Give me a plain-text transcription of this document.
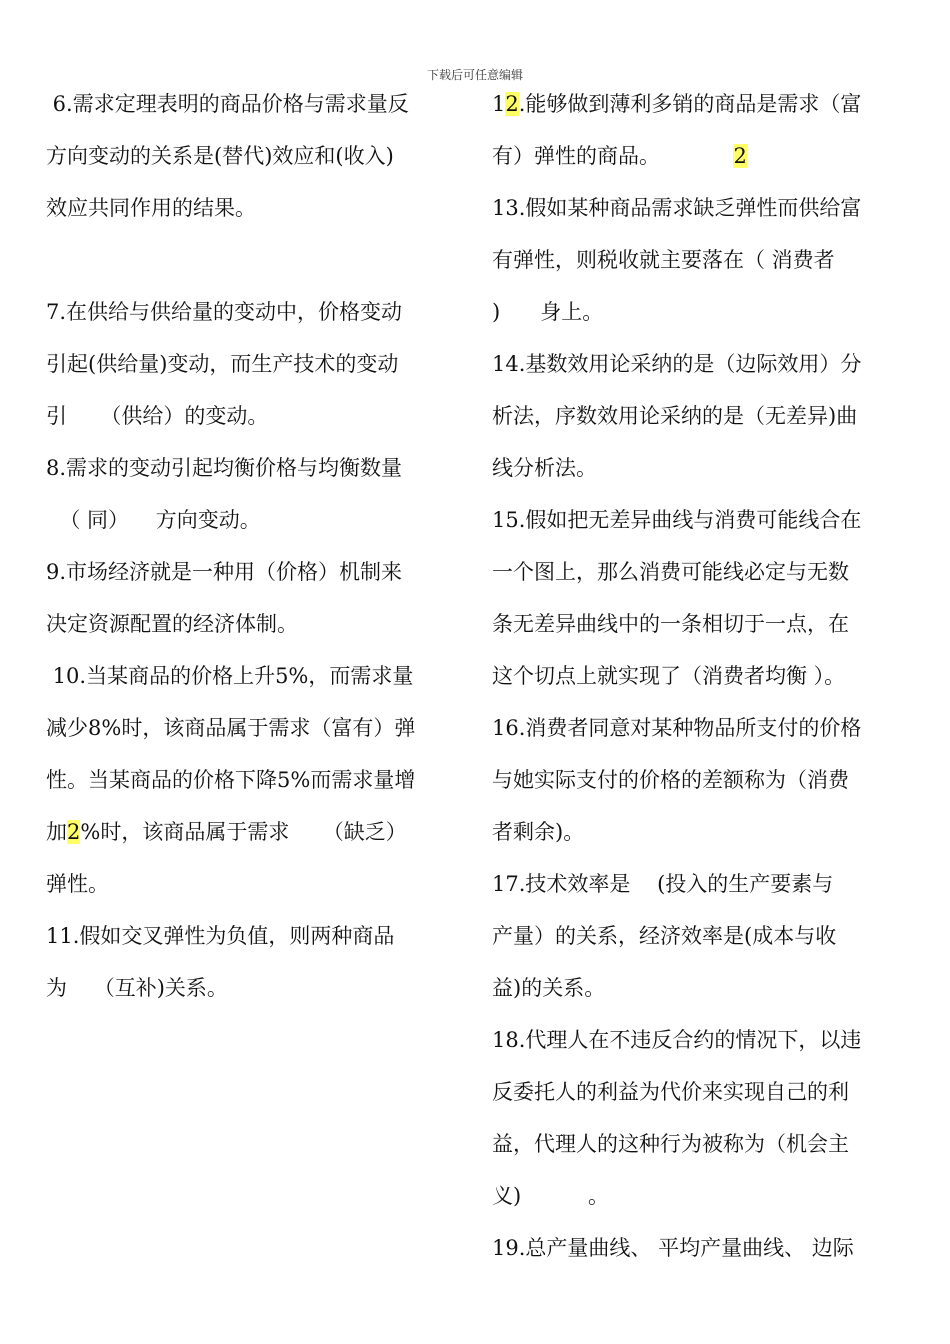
下载后可任意编辑
6.需求定理表明的商品价格与需求量反
方向变动的关系是(替代)效应和(收入)
效应共同作用的结果。
7.在供给与供给量的变动中，价格变动
引起(供给量)变动，而生产技术的变动
引     （供给）的变动。
8.需求的变动引起均衡价格与均衡数量
（ 同）    方向变动。
9.市场经济就是一种用（价格）机制来
决定资源配置的经济体制。
10.当某商品的价格上升5%，而需求量
减少8%时，该商品属于需求（富有）弹
性。当某商品的价格下降5%而需求量增
加2%时，该商品属于需求     （缺乏）
弹性。
11.假如交叉弹性为负值，则两种商品
为    （互补)关系。
12.能够做到薄利多销的商品是需求（富
有）弹性的商品。           2
13.假如某种商品需求缺乏弹性而供给富
有弹性，则税收就主要落在（ 消费者
)      身上。
14.基数效用论采纳的是（边际效用）分
析法，序数效用论采纳的是（无差异)曲
线分析法。
15.假如把无差异曲线与消费可能线合在
一个图上，那么消费可能线必定与无数
条无差异曲线中的一条相切于一点，在
这个切点上就实现了（消费者均衡 ）。
16.消费者同意对某种物品所支付的价格
与她实际支付的价格的差额称为（消费
者剩余)。
17.技术效率是    (投入的生产要素与
产量）的关系，经济效率是(成本与收
益)的关系。
18.代理人在不违反合约的情况下，以违
反委托人的利益为代价来实现自己的利
益，代理人的这种行为被称为（机会主
义)          。
19.总产量曲线、 平均产量曲线、 边际
